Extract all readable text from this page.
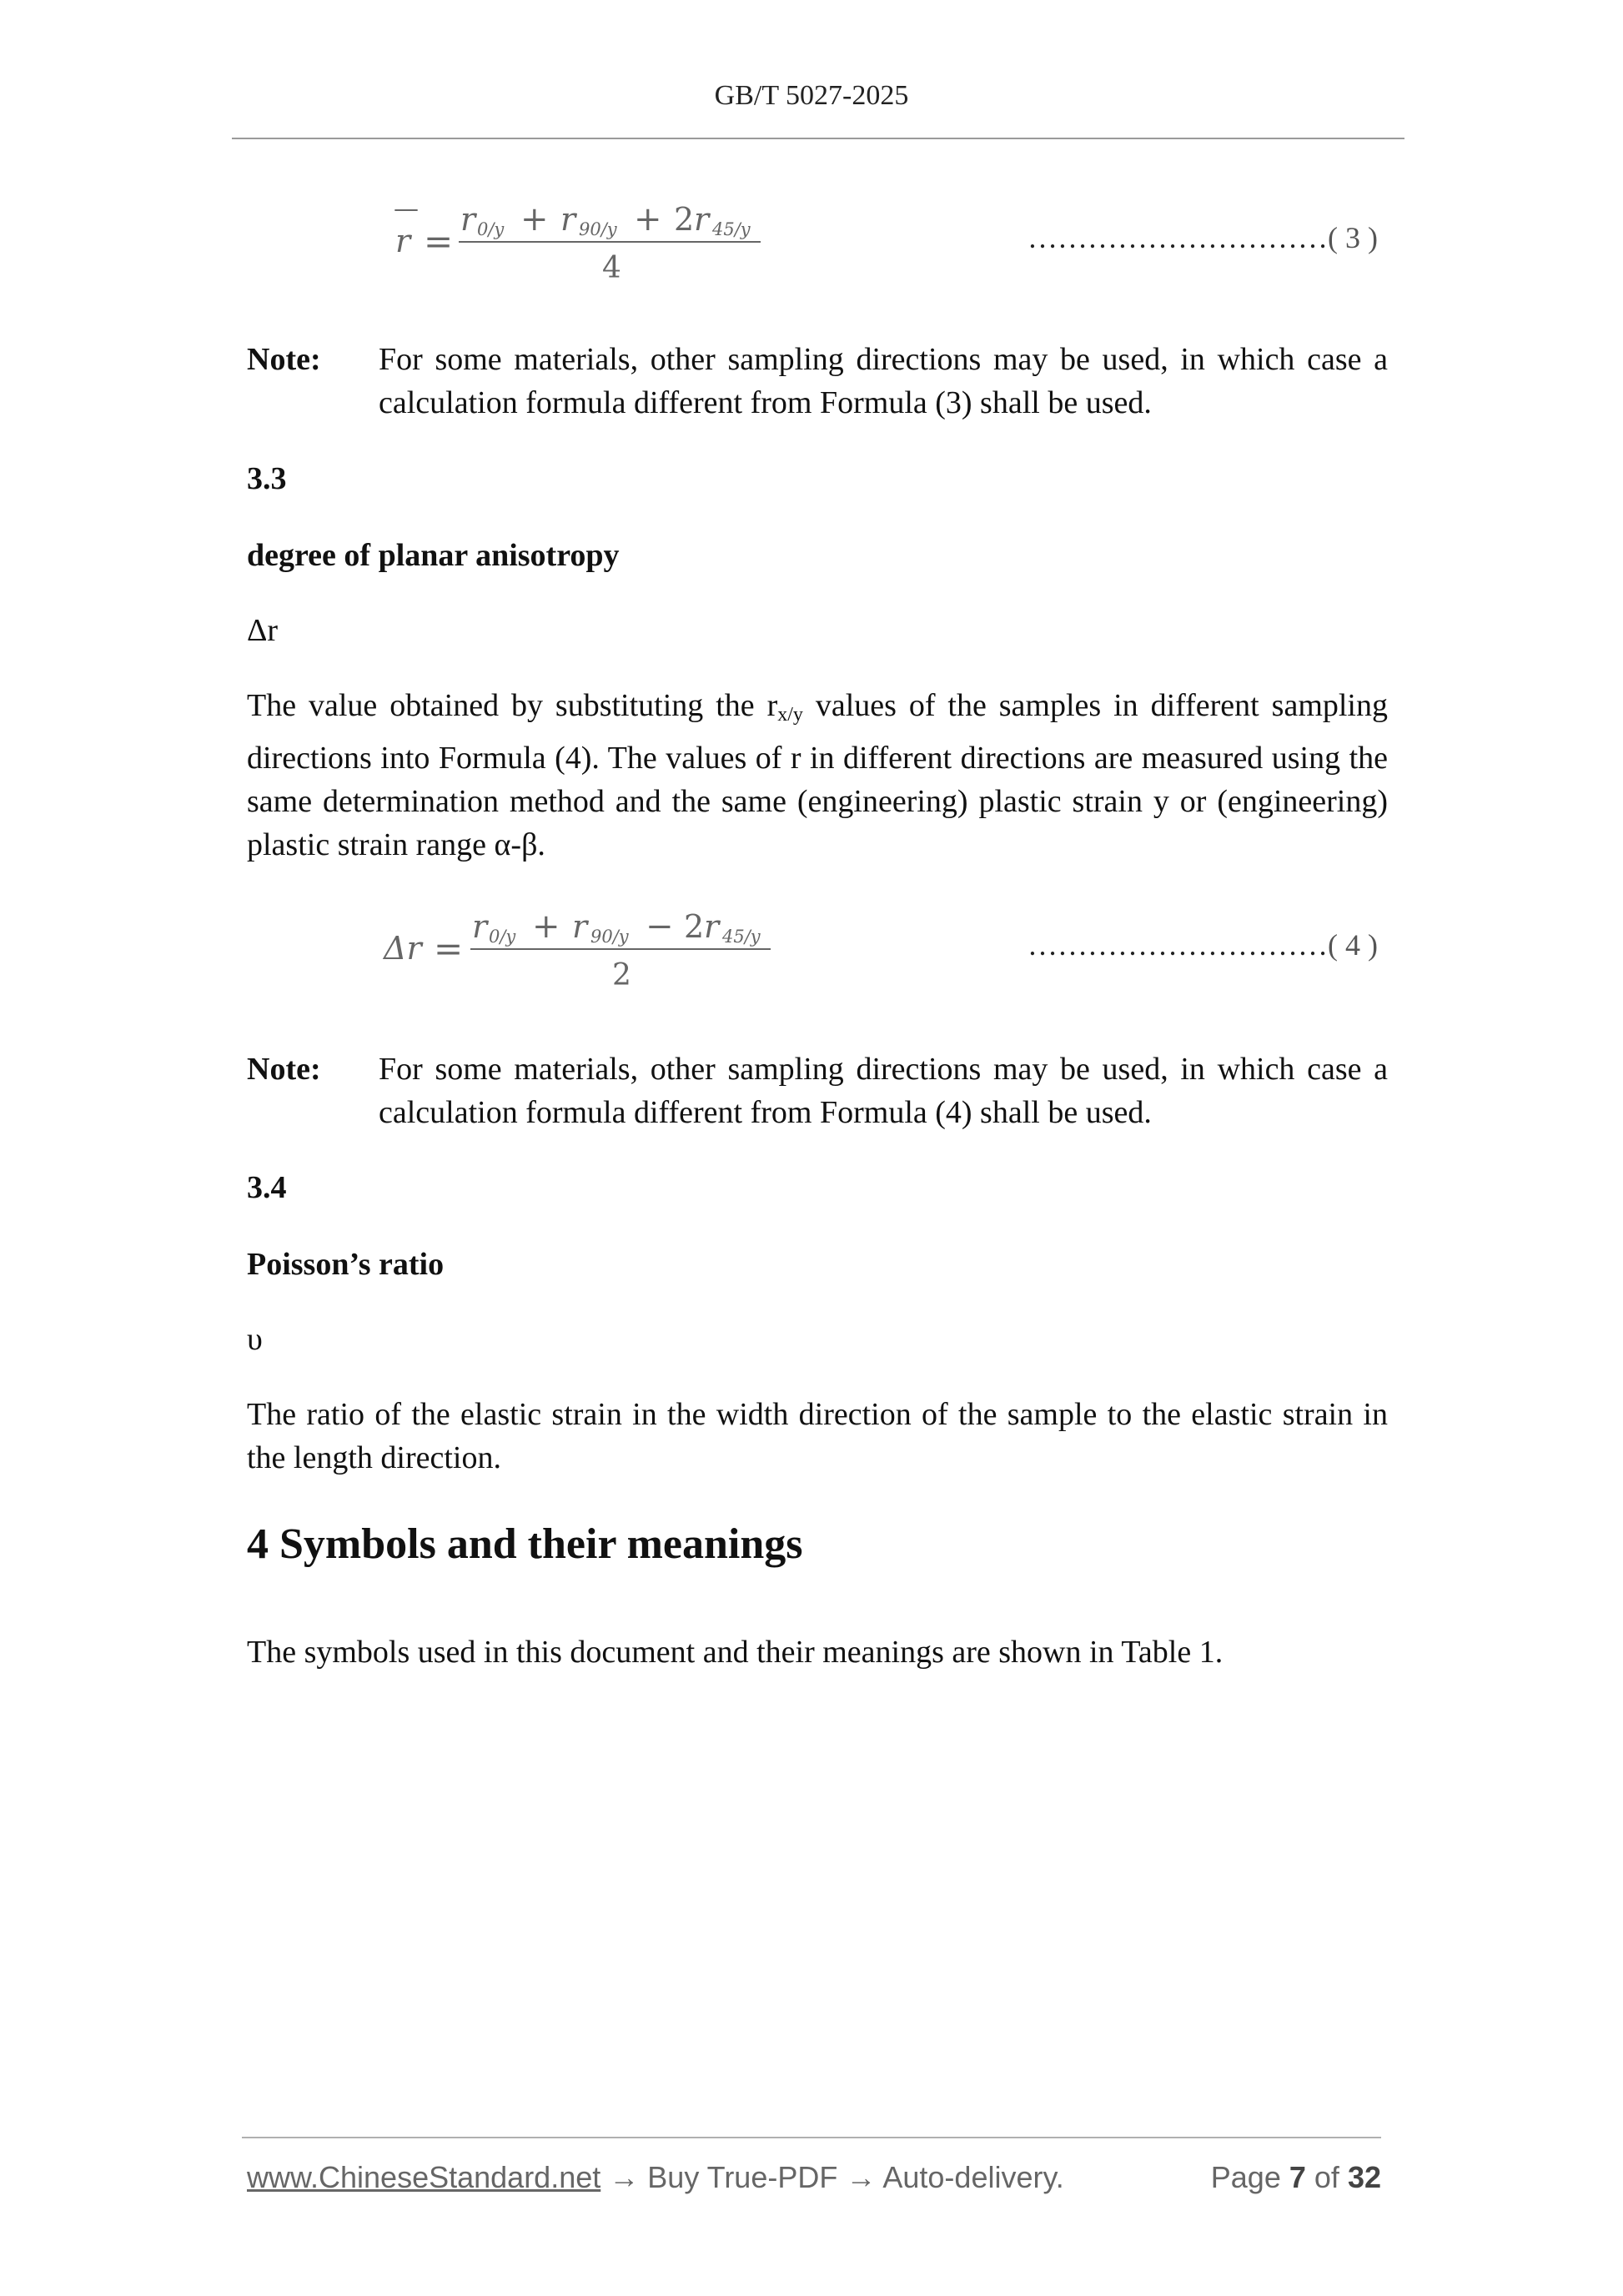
GB/T 5027-2025
—
r =
r 0/y + r 90/y + 2 r 45/y
4
…………………………( 3 )
Note: For some materials, other sampling directions may be used, in which case a calculation formula different from Formula (3) shall be used.
3.3
degree of planar anisotropy
Δr
The value obtained by substituting the $r_{x/y}$ values of the samples in different sampling directions into Formula (4). The values of r in different directions are measured using the same determination method and the same (engineering) plastic strain y or (engineering) plastic strain range α-β.
Δr =
r 0/y + r 90/y − 2 r 45/y
2
…………………………( 4 )
Note: For some materials, other sampling directions may be used, in which case a calculation formula different from Formula (4) shall be used.
3.4
Poisson’s ratio
υ
The ratio of the elastic strain in the width direction of the sample to the elastic strain in the length direction.
4 Symbols and their meanings
The symbols used in this document and their meanings are shown in Table 1.
www.ChineseStandard.net → Buy True-PDF → Auto-delivery.	Page 7 of 32
